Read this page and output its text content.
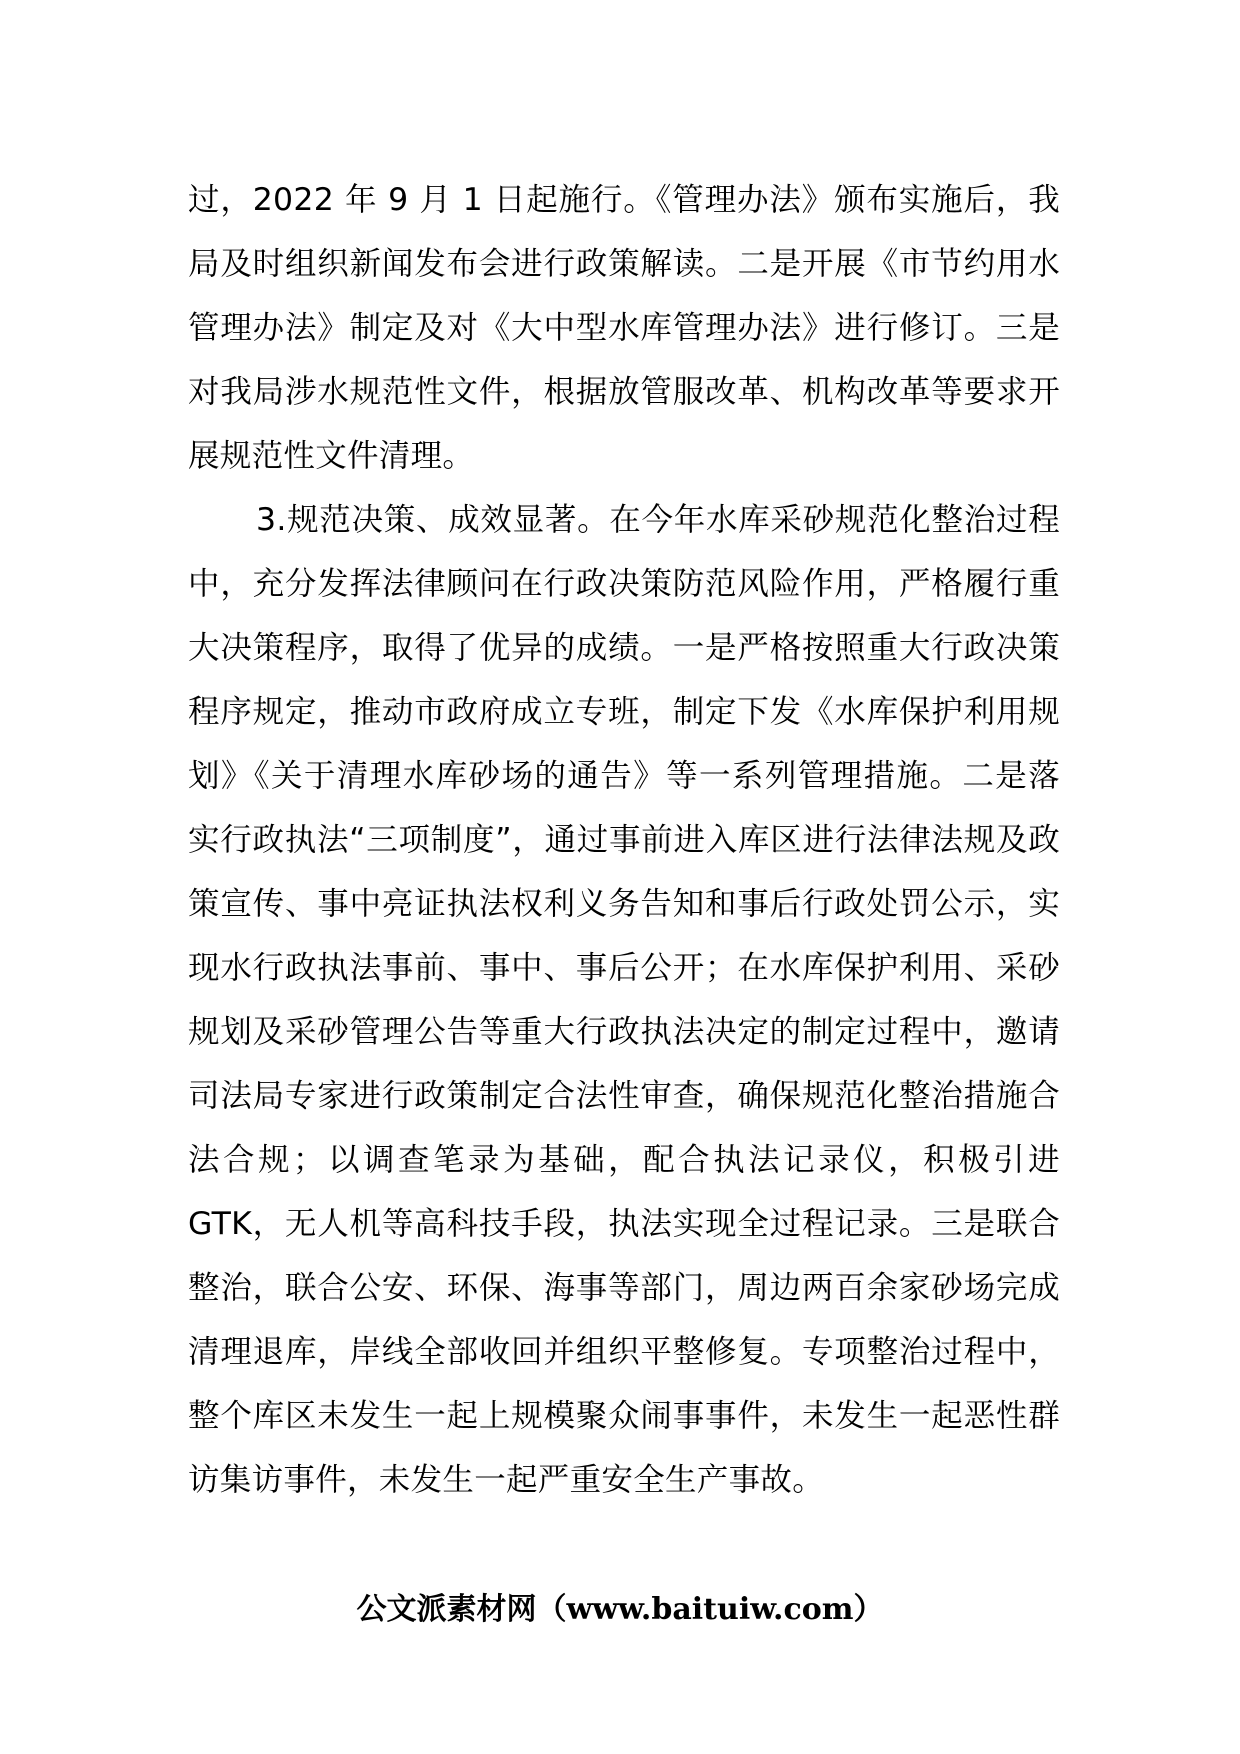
过，2022 年 9 月 1 日起施行。《管理办法》颁布实施后，我局及时组织新闻发布会进行政策解读。二是开展《市节约用水管理办法》制定及对《大中型水库管理办法》进行修订。三是对我局涉水规范性文件，根据放管服改革、机构改革等要求开展规范性文件清理。

3.规范决策、成效显著。在今年水库采砂规范化整治过程中，充分发挥法律顾问在行政决策防范风险作用，严格履行重大决策程序，取得了优异的成绩。一是严格按照重大行政决策程序规定，推动市政府成立专班，制定下发《水库保护利用规划》《关于清理水库砂场的通告》等一系列管理措施。二是落实行政执法“三项制度”，通过事前进入库区进行法律法规及政策宣传、事中亮证执法权利义务告知和事后行政处罚公示，实现水行政执法事前、事中、事后公开；在水库保护利用、采砂规划及采砂管理公告等重大行政执法决定的制定过程中，邀请司法局专家进行政策制定合法性审查，确保规范化整治措施合法合规；以调查笔录为基础，配合执法记录仪，积极引进 GTK，无人机等高科技手段，执法实现全过程记录。三是联合整治，联合公安、环保、海事等部门，周边两百余家砂场完成清理退库，岸线全部收回并组织平整修复。专项整治过程中，整个库区未发生一起上规模聚众闹事事件，未发生一起恶性群访集访事件，未发生一起严重安全生产事故。

公文派素材网（www.baituiw.com）
